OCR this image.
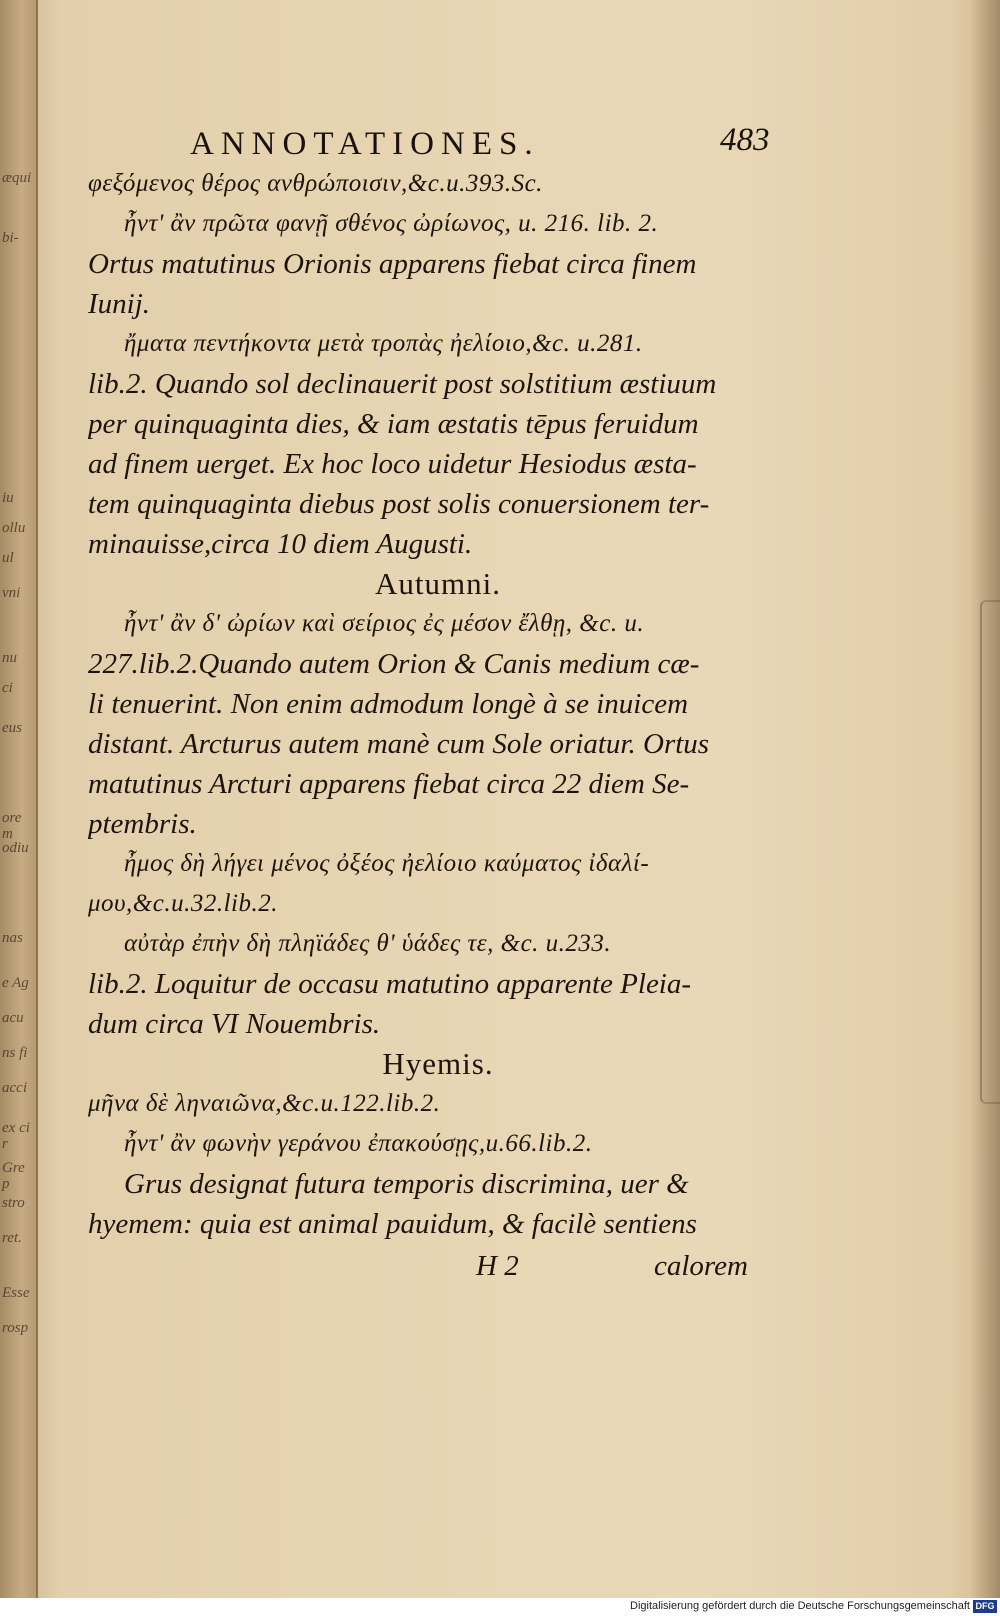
æqui
bi-
iu
ollu
ul
vni
nu
ci
eus
orem
odiu
nas
e Ag
acu
ns fi
acci
ex cir
Grep
stro
ret.
Esse
rosp
ANNOTATIONES.	483
φεξόμενος θέρος ανθρώποισιν,&c.u.393.Sc.
ἦντ' ἂν πρῶτα φανῇ σθένος ὠρίωνος, u. 216. lib. 2.
Ortus matutinus Orionis apparens fiebat circa finem
Iunij.
ἤματα πεντήκοντα μετὰ τροπὰς ἠελίοιο,&c. u.281.
lib.2. Quando sol declinauerit post solstitium æstiuum
per quinquaginta dies, & iam æstatis tēpus feruidum
ad finem uerget. Ex hoc loco uidetur Hesiodus æsta-
tem quinquaginta diebus post solis conuersionem ter-
minauisse,circa 10 diem Augusti.
Autumni.
ἦντ' ἂν δ' ὠρίων καὶ σείριος ἐς μέσον ἔλθῃ, &c. u.
227.lib.2.Quando autem Orion & Canis medium cæ-
li tenuerint. Non enim admodum longè à se inuicem
distant. Arcturus autem manè cum Sole oriatur. Ortus
matutinus Arcturi apparens fiebat circa 22 diem Se-
ptembris.
ἦμος δὴ λήγει μένος ὀξέος ἠελίοιο καύματος ἰδαλί-
μου,&c.u.32.lib.2.
αὐτὰρ ἐπὴν δὴ πληϊάδες θ' ὑάδες τε, &c. u.233.
lib.2. Loquitur de occasu matutino apparente Pleia-
dum circa VI Nouembris.
Hyemis.
μῆνα δὲ ληναιῶνα,&c.u.122.lib.2.
ἦντ' ἂν φωνὴν γεράνου ἐπακούσῃς,u.66.lib.2.
Grus designat futura temporis discrimina, uer &
hyemem: quia est animal pauidum, & facilè sentiens
H 2	calorem
Digitalisierung gefördert durch die Deutsche Forschungsgemeinschaft DFG
